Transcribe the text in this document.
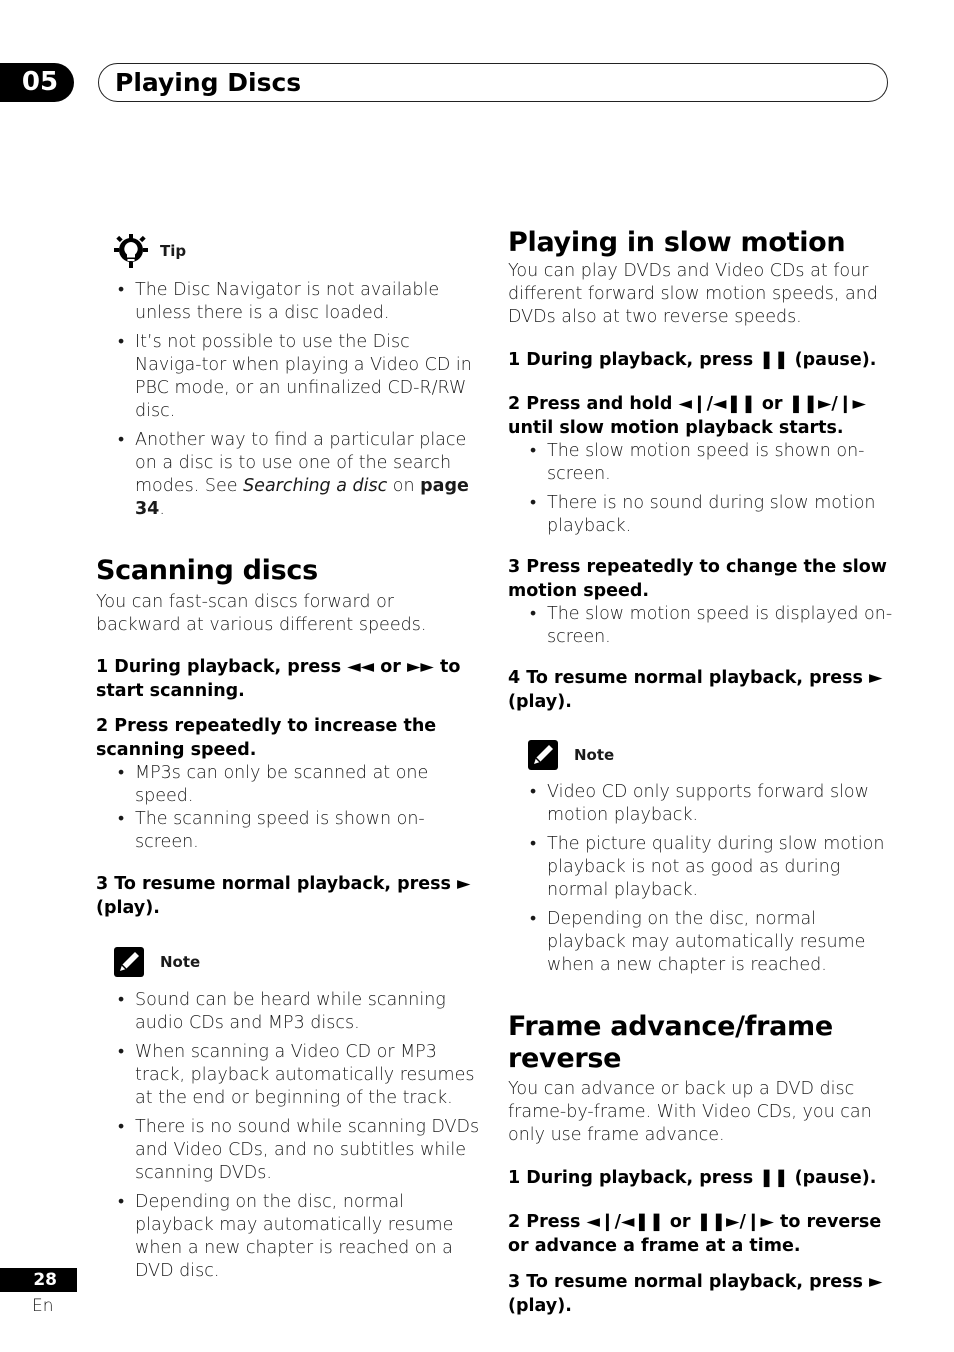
05	Playing Discs
Tip
• The Disc Navigator is not available unless there is a disc loaded.
• It’s not possible to use the Disc Naviga-tor when playing a Video CD in PBC mode, or an unfinalized CD-R/RW disc.
• Another way to find a particular place on a disc is to use one of the search modes. See Searching a disc on page 34.
Scanning discs

You can fast-scan discs forward or backward at various different speeds.

1 During playback, press ◄◄ or ►► to start scanning.
2 Press repeatedly to increase the scanning speed.
• MP3s can only be scanned at one speed.
• The scanning speed is shown on-screen.
3 To resume normal playback, press ► (play).
Note
• Sound can be heard while scanning audio CDs and MP3 discs.
• When scanning a Video CD or MP3 track, playback automatically resumes at the end or beginning of the track.
• There is no sound while scanning DVDs and Video CDs, and no subtitles while scanning DVDs.
• Depending on the disc, normal playback may automatically resume when a new chapter is reached on a DVD disc.
Playing in slow motion

You can play DVDs and Video CDs at four different forward slow motion speeds, and DVDs also at two reverse speeds.

1 During playback, press ❚❚ (pause).
2 Press and hold ◄❙/◄❚❚ or ❚❚►/❙► until slow motion playback starts.
• The slow motion speed is shown on-screen.
• There is no sound during slow motion playback.
3 Press repeatedly to change the slow motion speed.
• The slow motion speed is displayed on-screen.
4 To resume normal playback, press ► (play).
Note
• Video CD only supports forward slow motion playback.
• The picture quality during slow motion playback is not as good as during normal playback.
• Depending on the disc, normal playback may automatically resume when a new chapter is reached.
Frame advance/frame reverse

You can advance or back up a DVD disc frame-by-frame. With Video CDs, you can only use frame advance.

1 During playback, press ❚❚ (pause).
2 Press ◄❙/◄❚❚ or ❚❚►/❙► to reverse or advance a frame at a time.
3 To resume normal playback, press ► (play).
28
En
